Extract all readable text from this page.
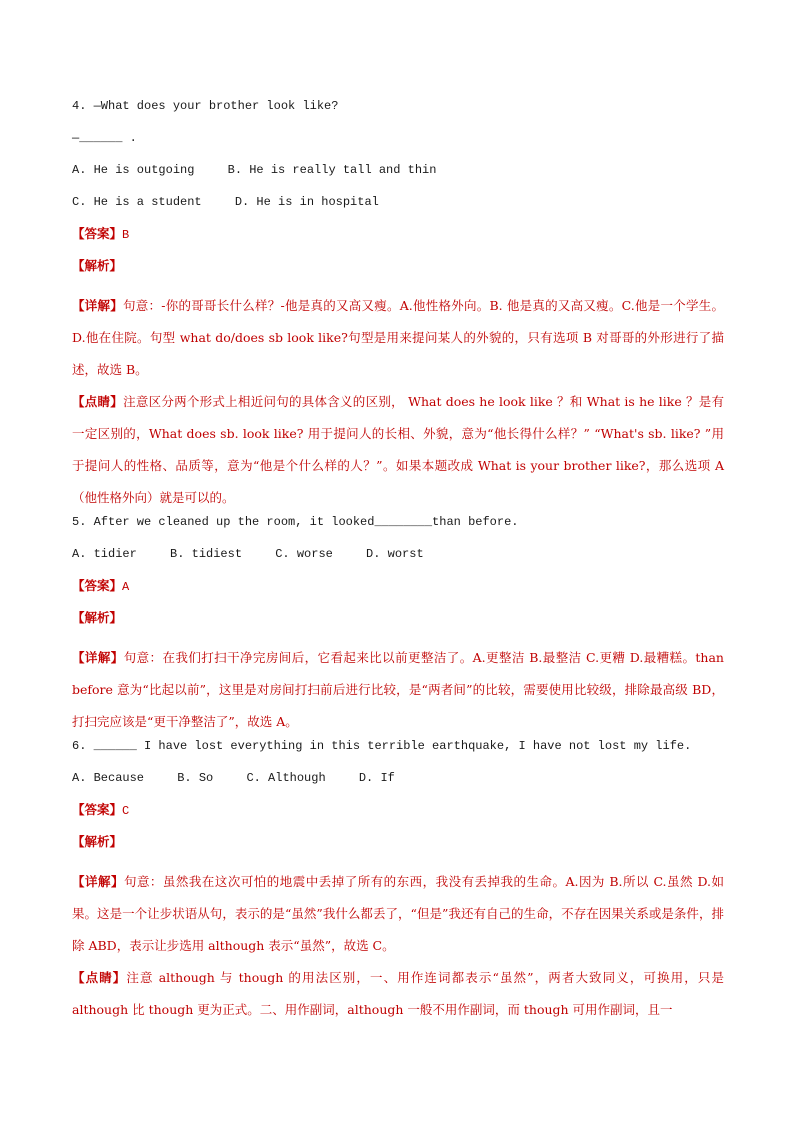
4. —What does your brother look like?

—______ .

A. He is outgoing	B. He is really tall and thin

C. He is a student	D. He is in hospital

【答案】B

【解析】

【详解】句意：-你的哥哥长什么样？-他是真的又高又瘦。A.他性格外向。B. 他是真的又高又瘦。C.他是一个学生。D.他在住院。句型 what do/does sb look like?句型是用来提问某人的外貌的，只有选项 B 对哥哥的外形进行了描述，故选 B。

【点睛】注意区分两个形式上相近问句的具体含义的区别， What does he look like ？和 What is he like ？是有一定区别的，What does sb. look like? 用于提问人的长相、外貌，意为“他长得什么样？” “What's sb. like? ”用于提问人的性格、品质等，意为“他是个什么样的人？”。如果本题改成 What is your brother like?，那么选项 A（他性格外向）就是可以的。

5. After we cleaned up the room, it looked________than before.

A. tidier	B. tidiest	C. worse	D. worst

【答案】A

【解析】

【详解】句意：在我们打扫干净完房间后，它看起来比以前更整洁了。A.更整洁 B.最整洁 C.更糟 D.最糟糕。than before 意为“比起以前”，这里是对房间打扫前后进行比较，是“两者间”的比较，需要使用比较级，排除最高级 BD，打扫完应该是“更干净整洁了”，故选 A。

6. ______ I have lost everything in this terrible earthquake, I have not lost my life.

A. Because	B. So	C. Although	D. If

【答案】C

【解析】

【详解】句意：虽然我在这次可怕的地震中丢掉了所有的东西，我没有丢掉我的生命。A.因为 B.所以 C.虽然 D.如果。这是一个让步状语从句，表示的是“虽然”我什么都丢了，“但是”我还有自己的生命，不存在因果关系或是条件，排除 ABD，表示让步选用 although 表示“虽然”，故选 C。

【点睛】注意 although 与 though 的用法区别，一、用作连词都表示“虽然”，两者大致同义，可换用，只是 although 比 though 更为正式。二、用作副词，although 一般不用作副词，而 though 可用作副词，且一
